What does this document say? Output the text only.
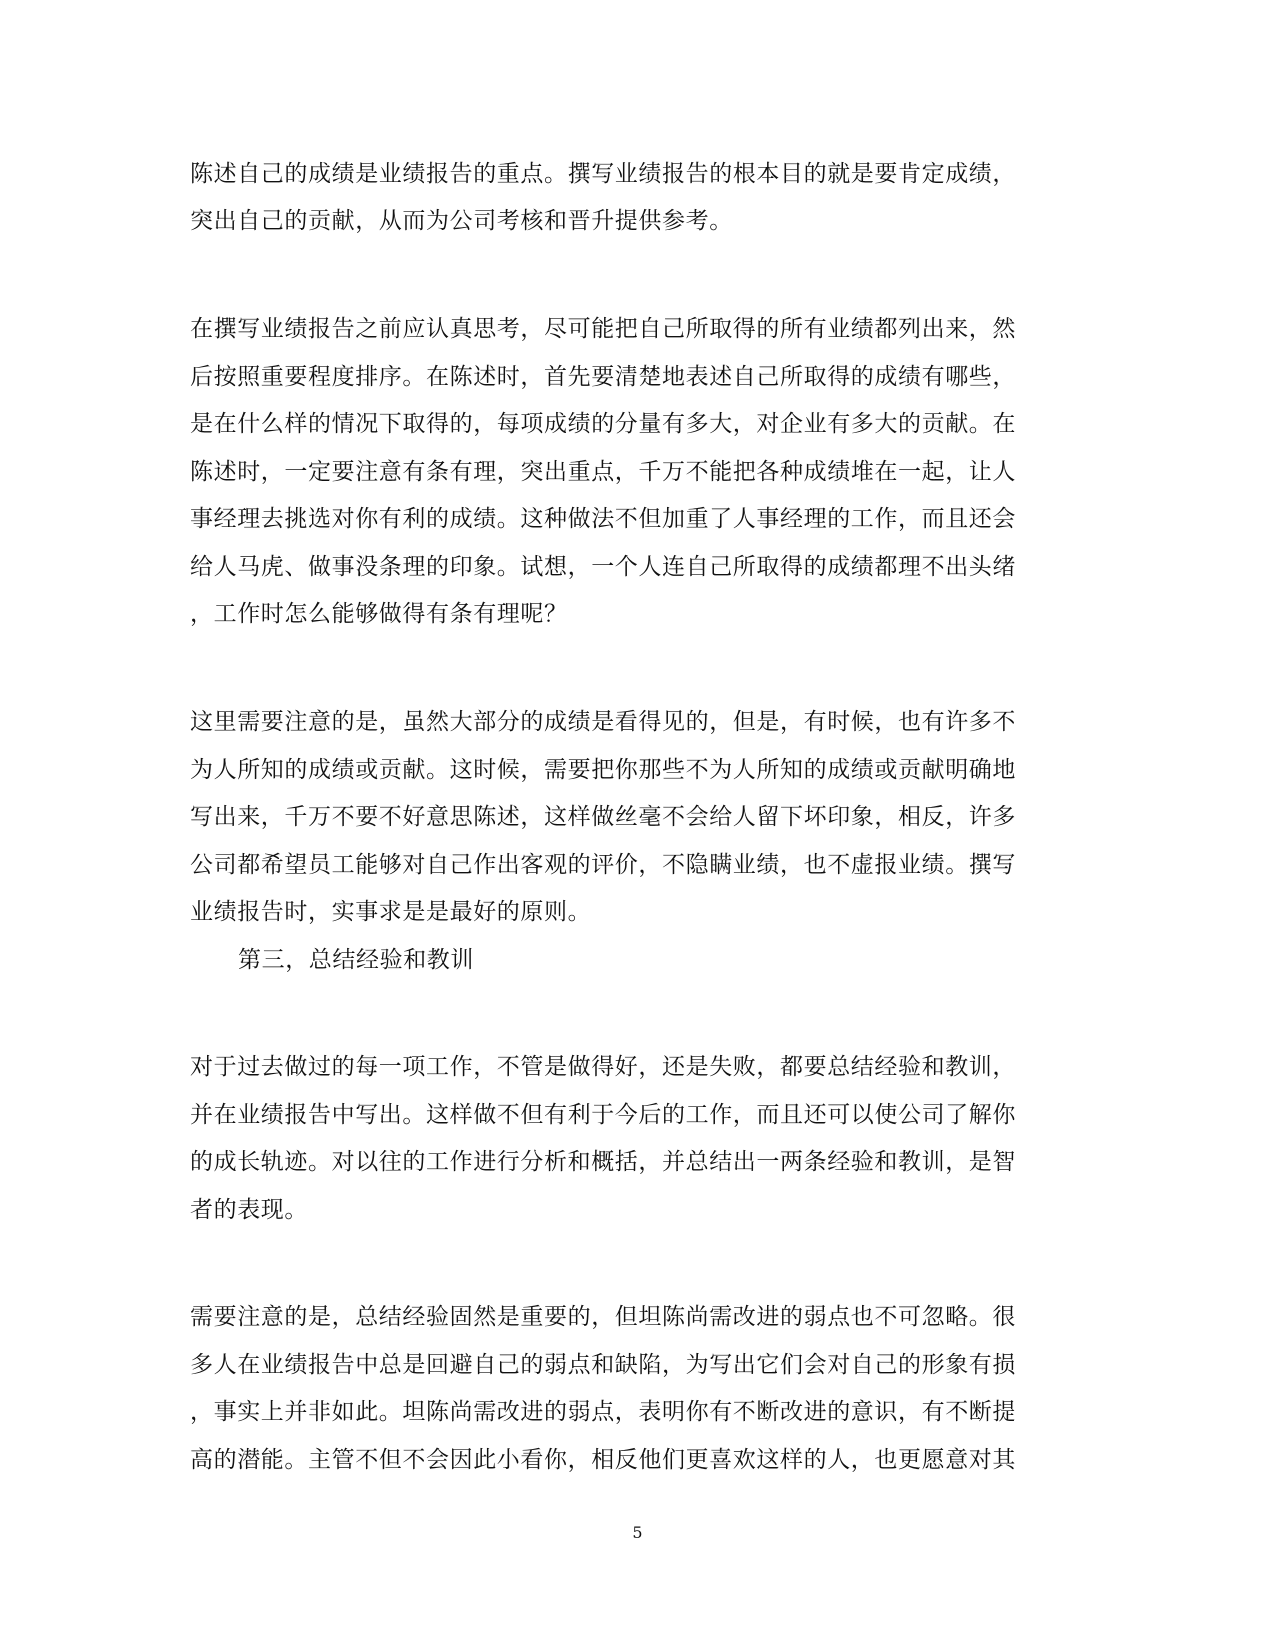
陈述自己的成绩是业绩报告的重点。撰写业绩报告的根本目的就是要肯定成绩，
突出自己的贡献，从而为公司考核和晋升提供参考。
在撰写业绩报告之前应认真思考，尽可能把自己所取得的所有业绩都列出来，然
后按照重要程度排序。在陈述时，首先要清楚地表述自己所取得的成绩有哪些，
是在什么样的情况下取得的，每项成绩的分量有多大，对企业有多大的贡献。在
陈述时，一定要注意有条有理，突出重点，千万不能把各种成绩堆在一起，让人
事经理去挑选对你有利的成绩。这种做法不但加重了人事经理的工作，而且还会
给人马虎、做事没条理的印象。试想，一个人连自己所取得的成绩都理不出头绪
，工作时怎么能够做得有条有理呢？
这里需要注意的是，虽然大部分的成绩是看得见的，但是，有时候，也有许多不
为人所知的成绩或贡献。这时候，需要把你那些不为人所知的成绩或贡献明确地
写出来，千万不要不好意思陈述，这样做丝毫不会给人留下坏印象，相反，许多
公司都希望员工能够对自己作出客观的评价，不隐瞒业绩，也不虚报业绩。撰写
业绩报告时，实事求是是最好的原则。
第三，总结经验和教训
对于过去做过的每一项工作，不管是做得好，还是失败，都要总结经验和教训，
并在业绩报告中写出。这样做不但有利于今后的工作，而且还可以使公司了解你
的成长轨迹。对以往的工作进行分析和概括，并总结出一两条经验和教训，是智
者的表现。
需要注意的是，总结经验固然是重要的，但坦陈尚需改进的弱点也不可忽略。很
多人在业绩报告中总是回避自己的弱点和缺陷，为写出它们会对自己的形象有损
，事实上并非如此。坦陈尚需改进的弱点，表明你有不断改进的意识，有不断提
高的潜能。主管不但不会因此小看你，相反他们更喜欢这样的人，也更愿意对其
5
